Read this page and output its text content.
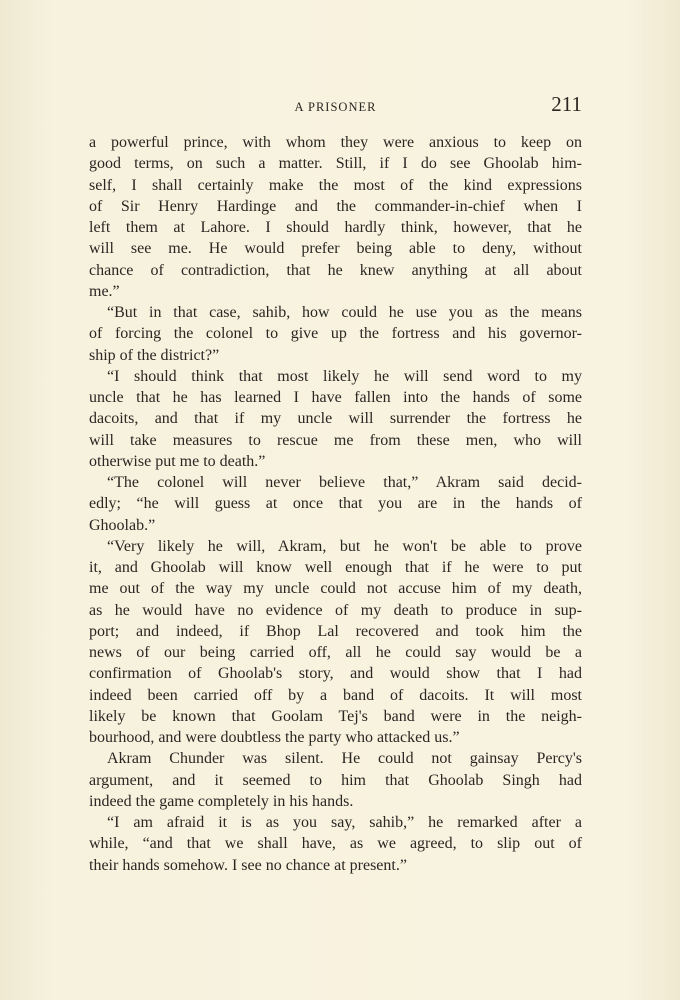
A PRISONER	211
a powerful prince, with whom they were anxious to keep on
good terms, on such a matter. Still, if I do see Ghoolab him-
self, I shall certainly make the most of the kind expressions
of Sir Henry Hardinge and the commander-in-chief when I
left them at Lahore. I should hardly think, however, that he
will see me. He would prefer being able to deny, without
chance of contradiction, that he knew anything at all about
me.”
“But in that case, sahib, how could he use you as the means
of forcing the colonel to give up the fortress and his governor-
ship of the district?”
“I should think that most likely he will send word to my
uncle that he has learned I have fallen into the hands of some
dacoits, and that if my uncle will surrender the fortress he
will take measures to rescue me from these men, who will
otherwise put me to death.”
“The colonel will never believe that,” Akram said decid-
edly; “he will guess at once that you are in the hands of
Ghoolab.”
“Very likely he will, Akram, but he won't be able to prove
it, and Ghoolab will know well enough that if he were to put
me out of the way my uncle could not accuse him of my death,
as he would have no evidence of my death to produce in sup-
port; and indeed, if Bhop Lal recovered and took him the
news of our being carried off, all he could say would be a
confirmation of Ghoolab's story, and would show that I had
indeed been carried off by a band of dacoits. It will most
likely be known that Goolam Tej's band were in the neigh-
bourhood, and were doubtless the party who attacked us.”
Akram Chunder was silent. He could not gainsay Percy's
argument, and it seemed to him that Ghoolab Singh had
indeed the game completely in his hands.
“I am afraid it is as you say, sahib,” he remarked after a
while, “and that we shall have, as we agreed, to slip out of
their hands somehow. I see no chance at present.”
